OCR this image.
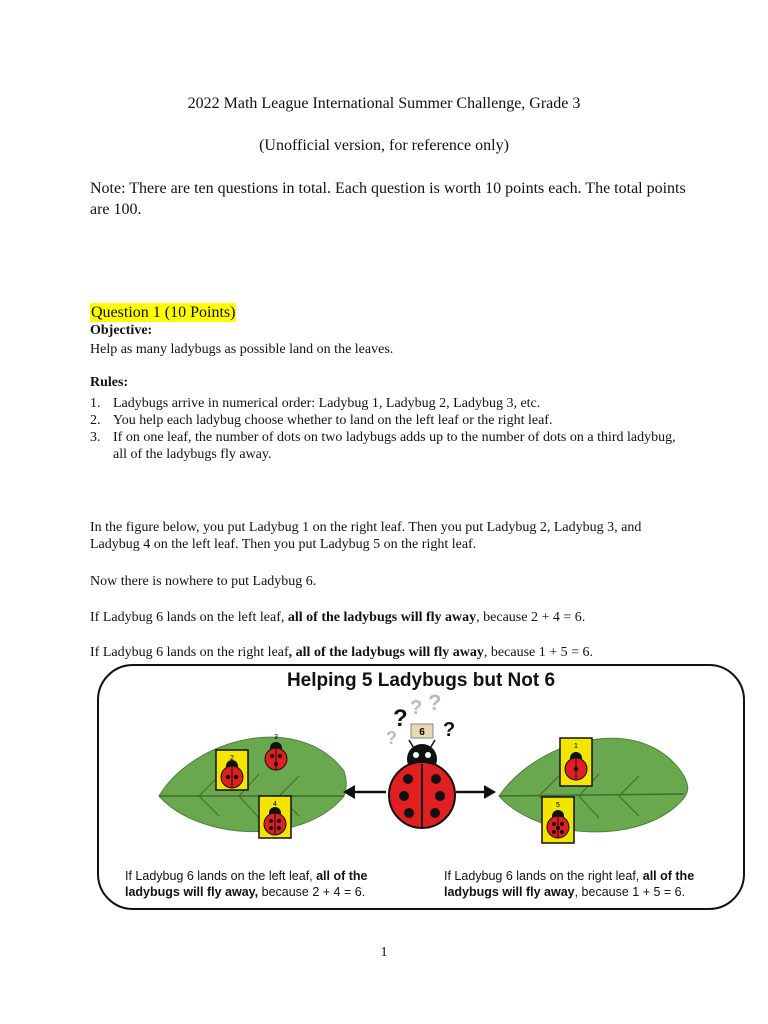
2022 Math League International Summer Challenge, Grade 3
(Unofficial version, for reference only)
Note: There are ten questions in total. Each question is worth 10 points each. The total points are 100.
Question 1 (10 Points)
Objective:
Help as many ladybugs as possible land on the leaves.
Rules:
1. Ladybugs arrive in numerical order: Ladybug 1, Ladybug 2, Ladybug 3, etc.
2. You help each ladybug choose whether to land on the left leaf or the right leaf.
3. If on one leaf, the number of dots on two ladybugs adds up to the number of dots on a third ladybug, all of the ladybugs fly away.
In the figure below, you put Ladybug 1 on the right leaf. Then you put Ladybug 2, Ladybug 3, and Ladybug 4 on the left leaf. Then you put Ladybug 5 on the right leaf.
Now there is nowhere to put Ladybug 6.
If Ladybug 6 lands on the left leaf, all of the ladybugs will fly away, because 2 + 4 = 6.
If Ladybug 6 lands on the right leaf, all of the ladybugs will fly away, because 1 + 5 = 6.
Helping 5 Ladybugs but Not 6
2
3
4
1
5
? ? ?
? ?
6
If Ladybug 6 lands on the left leaf, all of the
ladybugs will fly away, because 2 + 4 = 6.
If Ladybug 6 lands on the right leaf, all of the
ladybugs will fly away, because 1 + 5 = 6.
1
